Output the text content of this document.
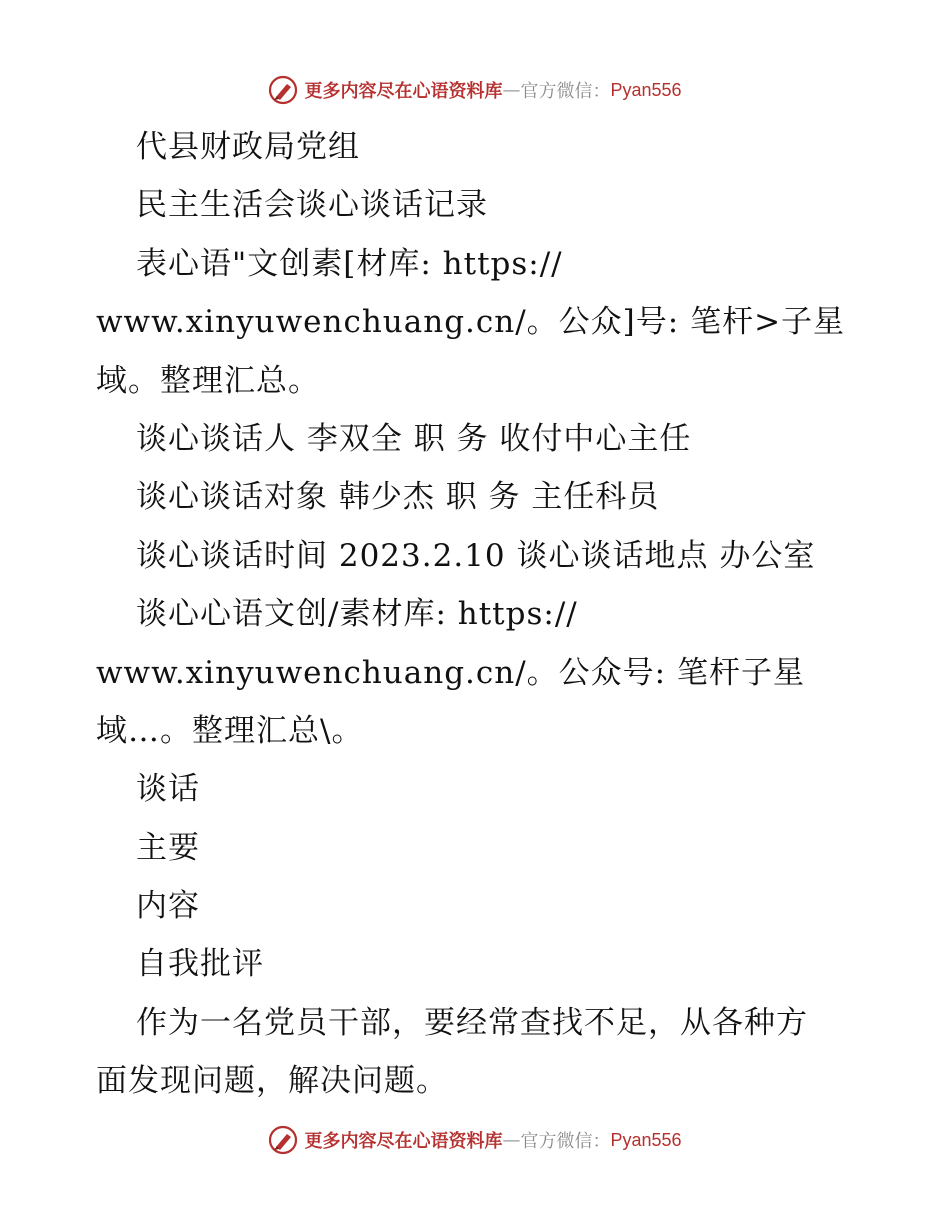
更多内容尽在心语资料库 — 官方微信： Pyan556
代县财政局党组
民主生活会谈心谈话记录
表心语"文创素[材库: https://
www.xinyuwenchuang.cn/。公众]号: 笔杆>子星
域。整理汇总。
谈心谈话人 李双全 职 务 收付中心主任
谈心谈话对象 韩少杰 职 务 主任科员
谈心谈话时间 2023.2.10 谈心谈话地点 办公室
谈心心语文创/素材库: https://
www.xinyuwenchuang.cn/。公众号: 笔杆子星
域…。整理汇总\。
谈话
主要
内容
自我批评
作为一名党员干部，要经常查找不足，从各种方
面发现问题，解决问题。
更多内容尽在心语资料库 — 官方微信： Pyan556
